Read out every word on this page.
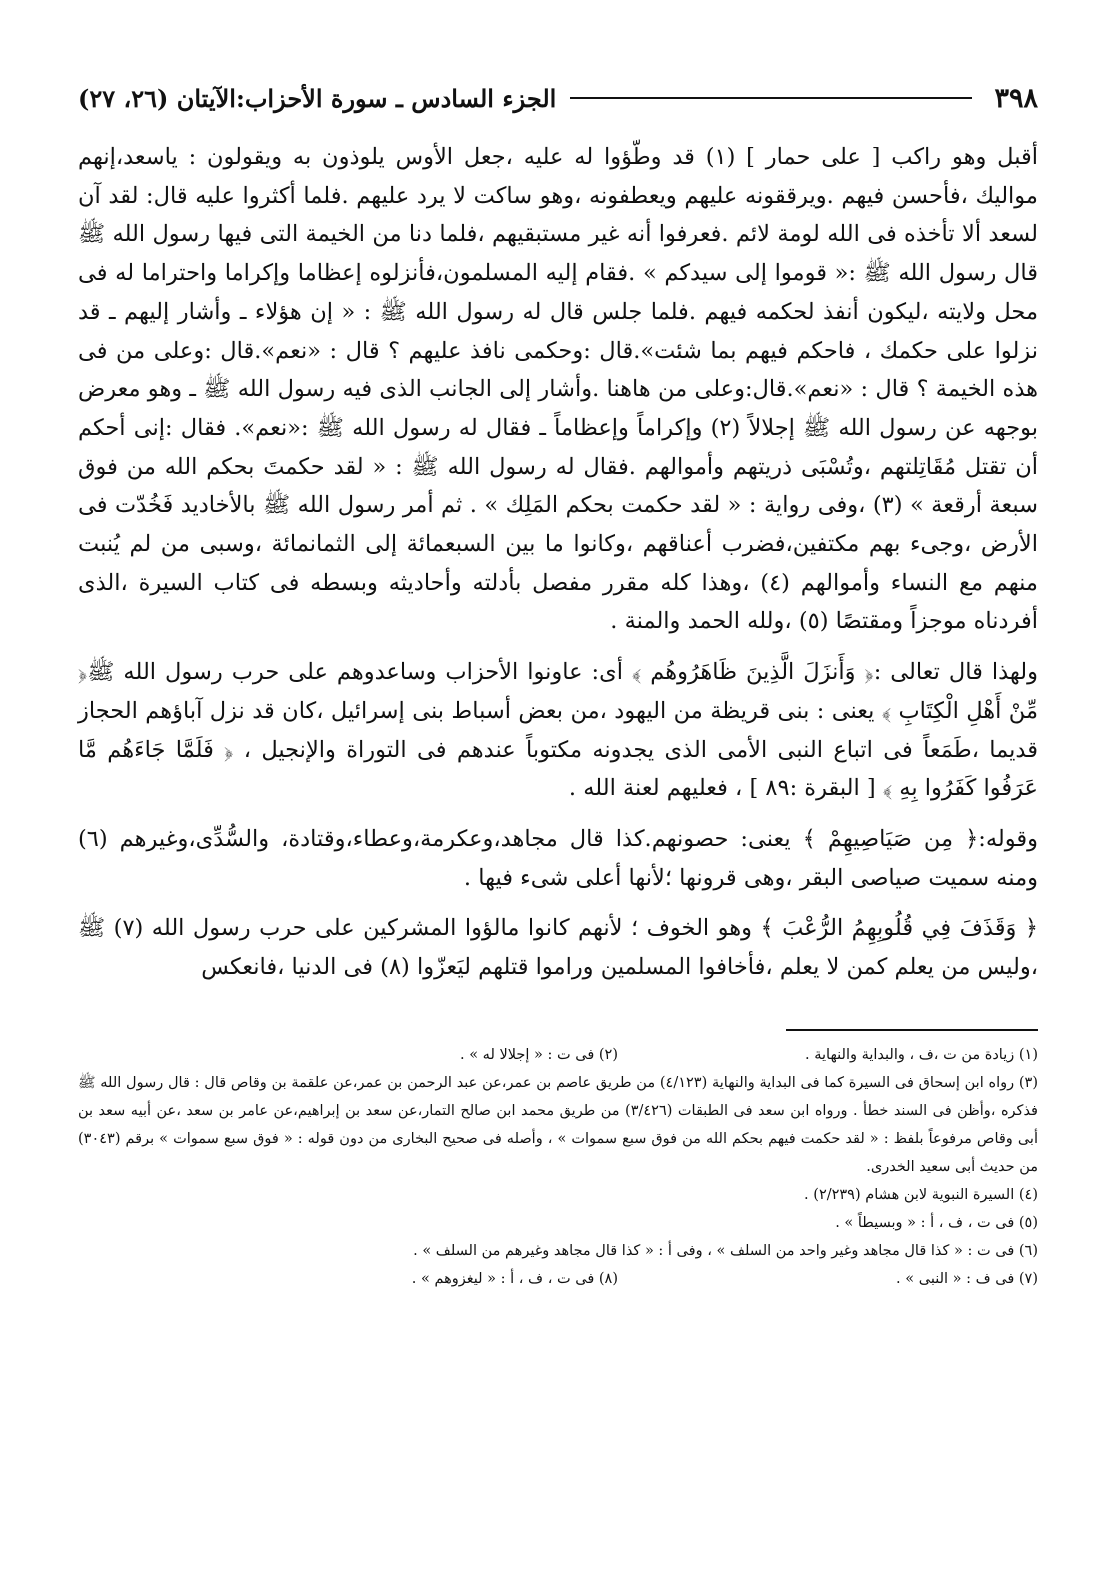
٣٩٨
الجزء السادس ـ سورة الأحزاب:الآيتان (٢٦، ٢٧)

أقبل وهو راكب [ على حمار ] (١) قد وطّؤوا له عليه ،جعل الأوس يلوذون به ويقولون : ياسعد،إنهم مواليك ،فأحسن فيهم .ويرققونه عليهم ويعطفونه ،وهو ساكت لا يرد عليهم .فلما أكثروا عليه قال: لقد آن لسعد ألا تأخذه فى الله لومة لائم .فعرفوا أنه غير مستبقيهم ،فلما دنا من الخيمة التى فيها رسول الله ﷺ قال رسول الله ﷺ :« قوموا إلى سيدكم » .فقام إليه المسلمون،فأنزلوه إعظاما وإكراما واحتراما له فى محل ولايته ،ليكون أنفذ لحكمه فيهم .فلما جلس قال له رسول الله ﷺ : « إن هؤلاء ـ وأشار إليهم ـ قد نزلوا على حكمك ، فاحكم فيهم بما شئت».قال :وحكمى نافذ عليهم ؟ قال : «نعم».قال :وعلى من فى هذه الخيمة ؟ قال : «نعم».قال:وعلى من هاهنا .وأشار إلى الجانب الذى فيه رسول الله ﷺ ـ وهو معرض بوجهه عن رسول الله ﷺ إجلالاً (٢) وإكراماً وإعظاماً ـ فقال له رسول الله ﷺ :«نعم». فقال :إنى أحكم أن تقتل مُقَاتِلتهم ،وتُسْبَى ذريتهم وأموالهم .فقال له رسول الله ﷺ : « لقد حكمتَ بحكم الله من فوق سبعة أرقعة » (٣) ،وفى رواية : « لقد حكمت بحكم المَلِك » . ثم أمر رسول الله ﷺ بالأخاديد فَخُدّت فى الأرض ،وجىء بهم مكتفين،فضرب أعناقهم ،وكانوا ما بين السبعمائة إلى الثمانمائة ،وسبى من لم يُنبت منهم مع النساء وأموالهم (٤) ،وهذا كله مقرر مفصل بأدلته وأحاديثه وبسطه فى كتاب السيرة ،الذى أفردناه موجزاً ومقتصًا (٥) ،ولله الحمد والمنة .

ولهذا قال تعالى :﴿ وَأَنزَلَ الَّذِينَ ظَاهَرُوهُم ﴾ أى: عاونوا الأحزاب وساعدوهم على حرب رسول الله ﷺ﴿ مِّنْ أَهْلِ الْكِتَابِ ﴾ يعنى : بنى قريظة من اليهود ،من بعض أسباط بنى إسرائيل ،كان قد نزل آباؤهم الحجاز قديما ،طَمَعاً فى اتباع النبى الأمى الذى يجدونه مكتوباً عندهم فى التوراة والإنجيل ، ﴿ فَلَمَّا جَاءَهُم مَّا عَرَفُوا كَفَرُوا بِهِ ﴾ [ البقرة :٨٩ ] ، فعليهم لعنة الله .

وقوله:﴿ مِن صَيَاصِيهِمْ ﴾ يعنى: حصونهم.كذا قال مجاهد،وعكرمة،وعطاء،وقتادة، والسُّدِّى،وغيرهم (٦) ومنه سميت صياصى البقر ،وهى قرونها ؛لأنها أعلى شىء فيها .

﴿ وَقَذَفَ فِي قُلُوبِهِمُ الرُّعْبَ ﴾ وهو الخوف ؛ لأنهم كانوا مالؤوا المشركين على حرب رسول الله (٧) ﷺ ،وليس من يعلم كمن لا يعلم ،فأخافوا المسلمين وراموا قتلهم ليَعزّوا (٨) فى الدنيا ،فانعكس

(١) زيادة من ت ،ف ، والبداية والنهاية .
(٢) فى ت : « إجلالا له » .
(٣) رواه ابن إسحاق فى السيرة كما فى البداية والنهاية (٤/١٢٣) من طريق عاصم بن عمر،عن عبد الرحمن بن عمر،عن علقمة بن وقاص قال : قال رسول الله ﷺ فذكره ،وأظن فى السند خطأ . ورواه ابن سعد فى الطبقات (٣/٤٢٦) من طريق محمد ابن صالح التمار،عن سعد بن إبراهيم،عن عامر بن سعد ،عن أبيه سعد بن أبى وقاص مرفوعاً بلفظ : « لقد حكمت فيهم بحكم الله من فوق سبع سموات » ، وأصله فى صحيح البخارى من دون قوله : « فوق سبع سموات » برقم (٣٠٤٣) من حديث أبى سعيد الخدرى.
(٤) السيرة النبوية لابن هشام (٢/٢٣٩) .
(٥) فى ت ، ف ، أ : « وبسيطاً » .
(٦) فى ت : « كذا قال مجاهد وغير واحد من السلف » ، وفى أ : « كذا قال مجاهد وغيرهم من السلف » .
(٧) فى ف : « النبى » .
(٨) فى ت ، ف ، أ : « ليغزوهم » .
